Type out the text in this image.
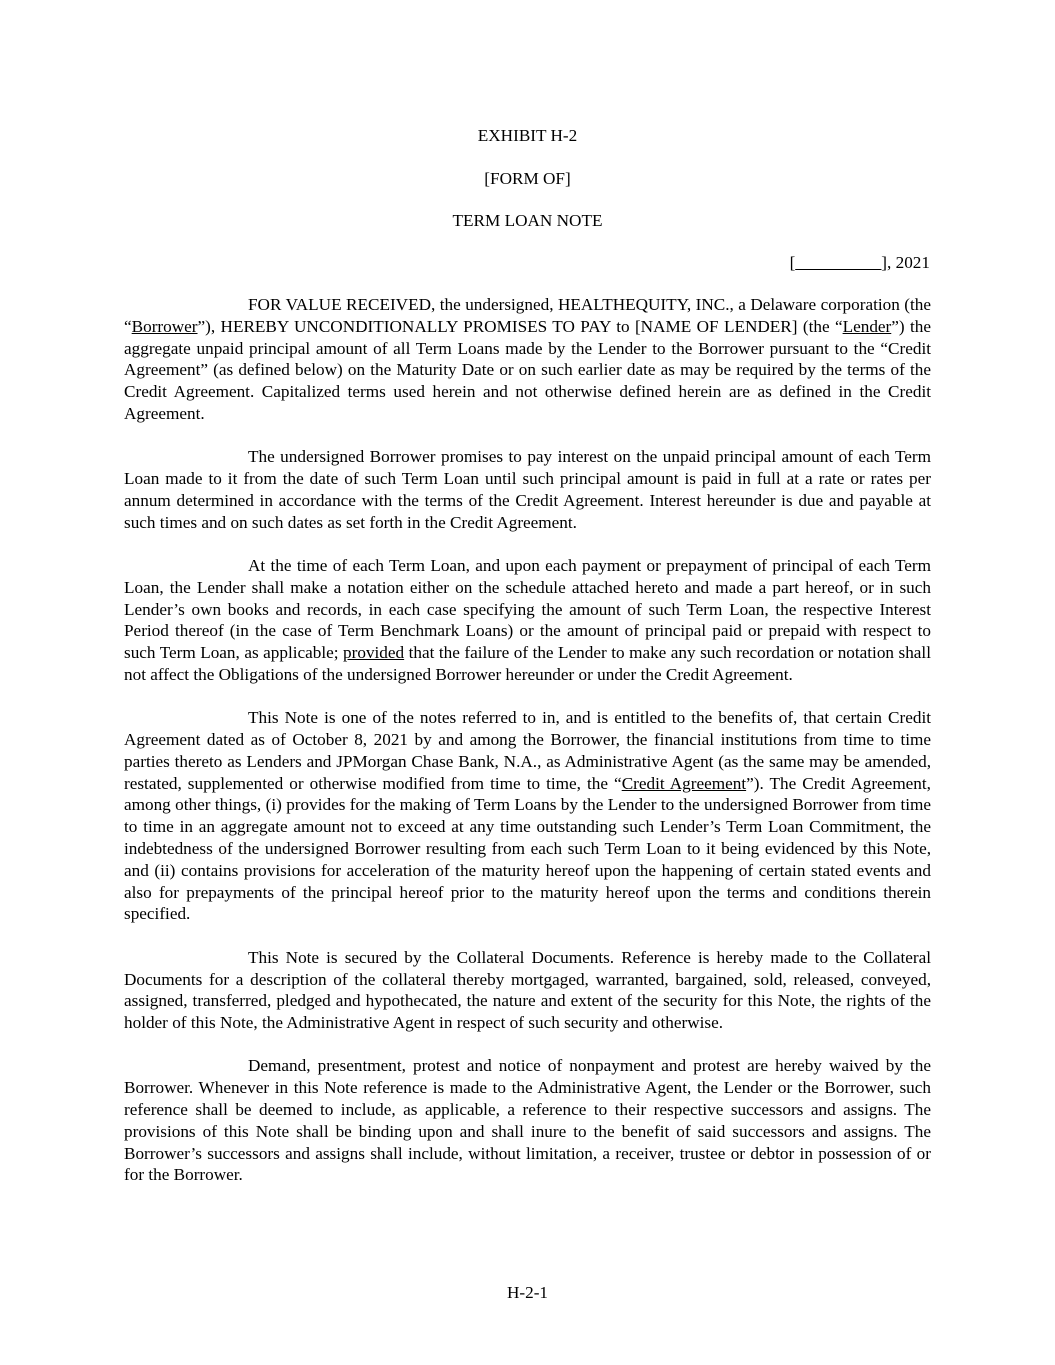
EXHIBIT H-2

[FORM OF]

TERM LOAN NOTE

[__________], 2021

FOR VALUE RECEIVED, the undersigned, HEALTHEQUITY, INC., a Delaware corporation (the “Borrower”), HEREBY UNCONDITIONALLY PROMISES TO PAY to [NAME OF LENDER] (the “Lender”) the aggregate unpaid principal amount of all Term Loans made by the Lender to the Borrower pursuant to the “Credit Agreement” (as defined below) on the Maturity Date or on such earlier date as may be required by the terms of the Credit Agreement. Capitalized terms used herein and not otherwise defined herein are as defined in the Credit Agreement.

The undersigned Borrower promises to pay interest on the unpaid principal amount of each Term Loan made to it from the date of such Term Loan until such principal amount is paid in full at a rate or rates per annum determined in accordance with the terms of the Credit Agreement. Interest hereunder is due and payable at such times and on such dates as set forth in the Credit Agreement.

At the time of each Term Loan, and upon each payment or prepayment of principal of each Term Loan, the Lender shall make a notation either on the schedule attached hereto and made a part hereof, or in such Lender’s own books and records, in each case specifying the amount of such Term Loan, the respective Interest Period thereof (in the case of Term Benchmark Loans) or the amount of principal paid or prepaid with respect to such Term Loan, as applicable; provided that the failure of the Lender to make any such recordation or notation shall not affect the Obligations of the undersigned Borrower hereunder or under the Credit Agreement.

This Note is one of the notes referred to in, and is entitled to the benefits of, that certain Credit Agreement dated as of October 8, 2021 by and among the Borrower, the financial institutions from time to time parties thereto as Lenders and JPMorgan Chase Bank, N.A., as Administrative Agent (as the same may be amended, restated, supplemented or otherwise modified from time to time, the “Credit Agreement”). The Credit Agreement, among other things, (i) provides for the making of Term Loans by the Lender to the undersigned Borrower from time to time in an aggregate amount not to exceed at any time outstanding such Lender’s Term Loan Commitment, the indebtedness of the undersigned Borrower resulting from each such Term Loan to it being evidenced by this Note, and (ii) contains provisions for acceleration of the maturity hereof upon the happening of certain stated events and also for prepayments of the principal hereof prior to the maturity hereof upon the terms and conditions therein specified.

This Note is secured by the Collateral Documents. Reference is hereby made to the Collateral Documents for a description of the collateral thereby mortgaged, warranted, bargained, sold, released, conveyed, assigned, transferred, pledged and hypothecated, the nature and extent of the security for this Note, the rights of the holder of this Note, the Administrative Agent in respect of such security and otherwise.

Demand, presentment, protest and notice of nonpayment and protest are hereby waived by the Borrower. Whenever in this Note reference is made to the Administrative Agent, the Lender or the Borrower, such reference shall be deemed to include, as applicable, a reference to their respective successors and assigns. The provisions of this Note shall be binding upon and shall inure to the benefit of said successors and assigns. The Borrower’s successors and assigns shall include, without limitation, a receiver, trustee or debtor in possession of or for the Borrower.

H-2-1
